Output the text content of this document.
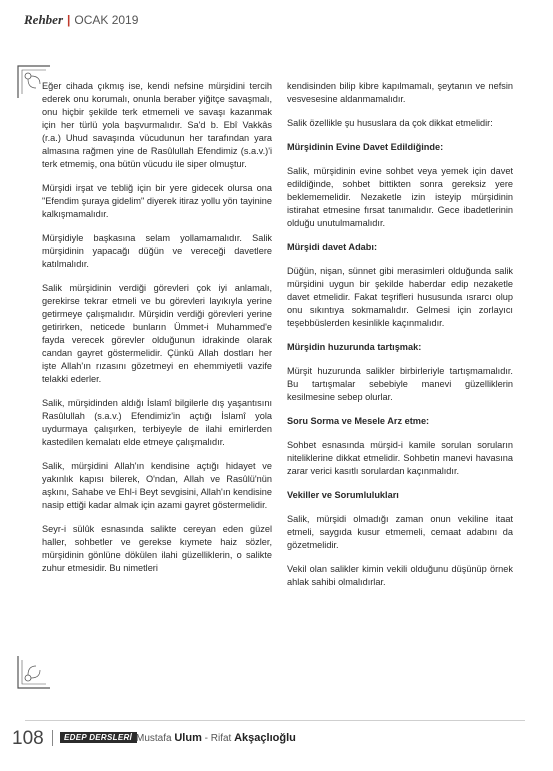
Rehber | OCAK 2019

Eğer cihada çıkmış ise, kendi nefsine mürşidini tercih ederek onu korumalı, onunla beraber yiğitçe savaşmalı, onu hiçbir şekilde terk etmemeli ve savaşı kazanmak için her türlü yola başvurmalıdır. Sa'd b. Ebî Vakkâs (r.a.) Uhud savaşında vücudunun her tarafından yara almasına rağmen yine de Rasûlullah Efendimiz (s.a.v.)'i terk etmemiş, ona bütün vücudu ile siper olmuştur.

Mürşidi irşat ve tebliğ için bir yere gidecek olursa ona "Efendim şuraya gidelim" diyerek itiraz yollu yön tayinine kalkışmamalıdır.

Mürşidiyle başkasına selam yollamamalıdır. Salik mürşidinin yapacağı düğün ve vereceği davetlere katılmalıdır.

Salik mürşidinin verdiği görevleri çok iyi anlamalı, gerekirse tekrar etmeli ve bu görevleri layıkıyla yerine getirmeye çalışmalıdır. Mürşidin verdiği görevleri yerine getirirken, neticede bunların Ümmet-i Muhammed'e fayda verecek görevler olduğunun idrakinde olarak candan gayret göstermelidir. Çünkü Allah dostları her işte Allah'ın rızasını gözetmeyi en ehemmiyetli vazife telakki ederler.

Salik, mürşidinden aldığı İslamî bilgilerle dış yaşantısını Rasûlullah (s.a.v.) Efendimiz'in açtığı İslamî yola uydurmaya çalışırken, terbiyeyle de ilahi emirlerden kastedilen kemalatı elde etmeye çalışmalıdır.

Salik, mürşidini Allah'ın kendisine açtığı hidayet ve yakınlık kapısı bilerek, O'ndan, Allah ve Rasûlü'nün aşkını, Sahabe ve Ehl-i Beyt sevgisini, Allah'ın kendisine nasip ettiği kadar almak için azami gayret göstermelidir.

Seyr-i sülûk esnasında salikte cereyan eden güzel haller, sohbetler ve gerekse kıymete haiz sözler, mürşidinin gönlüne dökülen ilahi güzelliklerin, o salikte zuhur etmesidir. Bu nimetleri

kendisinden bilip kibre kapılmamalı, şeytanın ve nefsin vesvesesine aldanmamalıdır.

Salik özellikle şu hususlara da çok dikkat etmelidir:

Mürşidinin Evine Davet Edildiğinde:

Salik, mürşidinin evine sohbet veya yemek için davet edildiğinde, sohbet bittikten sonra gereksiz yere beklememelidir. Nezaketle izin isteyip mürşidinin istirahat etmesine fırsat tanımalıdır. Gece ibadetlerinin olduğu unutulmamalıdır.

Mürşidi davet Adabı:

Düğün, nişan, sünnet gibi merasimleri olduğunda salik mürşidini uygun bir şekilde haberdar edip nezaketle davet etmelidir. Fakat teşrifleri hususunda ısrarcı olup onu sıkıntıya sokmamalıdır. Gelmesi için zorlayıcı teşebbüslerden kesinlikle kaçınmalıdır.

Mürşidin huzurunda tartışmak:

Mürşit huzurunda salikler birbirleriyle tartışmamalıdır. Bu tartışmalar sebebiyle manevi güzelliklerin kesilmesine sebep olurlar.

Soru Sorma ve Mesele Arz etme:

Sohbet esnasında mürşid-i kamile sorulan soruların niteliklerine dikkat etmelidir. Sohbetin manevi havasına zarar verici kasıtlı sorulardan kaçınmalıdır.

Vekiller ve Sorumlulukları

Salik, mürşidi olmadığı zaman onun vekiline itaat etmeli, saygıda kusur etmemeli, cemaat adabını da gözetmelidir.

Vekil olan salikler kimin vekili olduğunu düşünüp örnek ahlak sahibi olmalıdırlar.

108	EDEP DERSLERİ Mustafa Ulum - Rifat Akşaçlıoğlu
